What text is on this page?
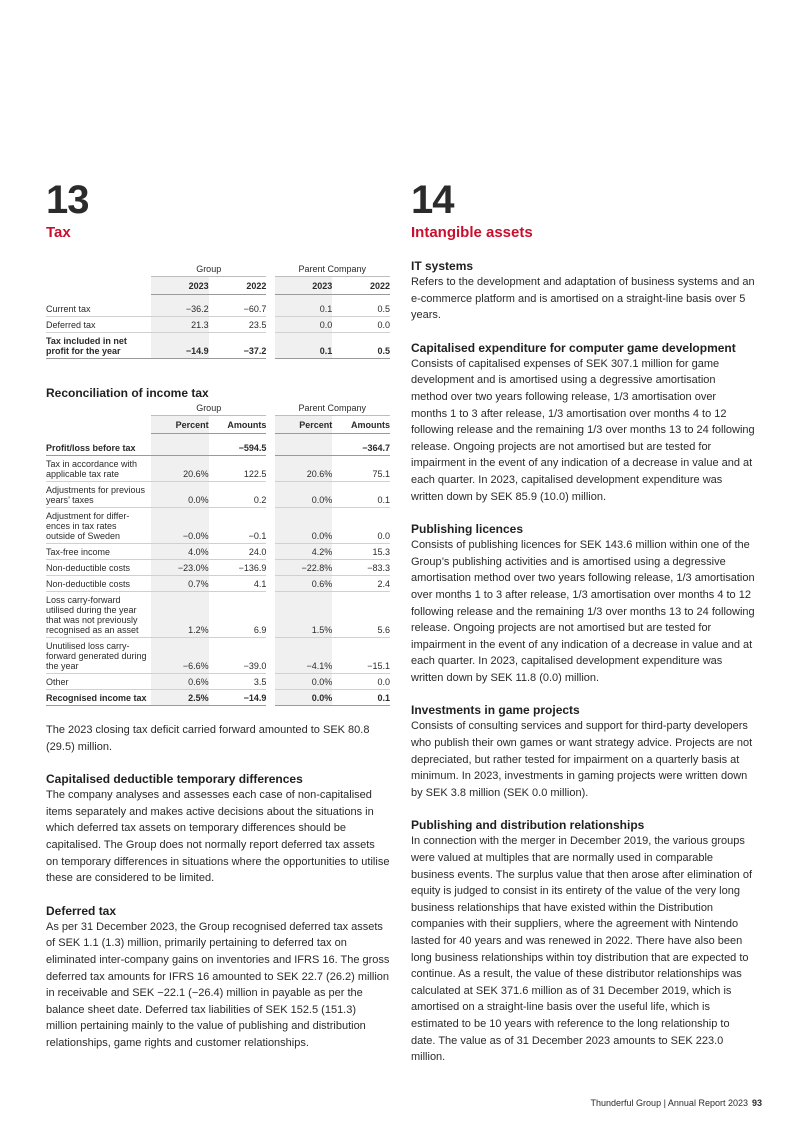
13
Tax
	Group			Parent Company	
	2023	2022		2023	2022

Current tax	−36.2	−60.7		0.1	0.5
Deferred tax	21.3	23.5		0.0	0.0
Tax included in net profit for the year	−14.9	−37.2		0.1	0.5
Reconciliation of income tax
	Group			Parent Company	
	Percent	Amounts		Percent	Amounts

Profit/loss before tax		−594.5			−364.7
Tax in accordance with applicable tax rate	20.6%	122.5		20.6%	75.1
Adjustments for previous years’ taxes	0.0%	0.2		0.0%	0.1
Adjustment for differ-ences in tax rates outside of Sweden	−0.0%	−0.1		0.0%	0.0
Tax-free income	4.0%	24.0		4.2%	15.3
Non-deductible costs	−23.0%	−136.9		−22.8%	−83.3
Non-deductible costs	0.7%	4.1		0.6%	2.4
Loss carry-forward utilised during the year that was not previously recognised as an asset	1.2%	6.9		1.5%	5.6
Unutilised loss carry-forward generated during the year	−6.6%	−39.0		−4.1%	−15.1
Other	0.6%	3.5		0.0%	0.0
Recognised income tax	2.5%	−14.9		0.0%	0.1

The 2023 closing tax deficit carried forward amounted to SEK 80.8 (29.5) million.

Capitalised deductible temporary differences

The company analyses and assesses each case of non-capitalised items separately and makes active decisions about the situations in which deferred tax assets on temporary differences should be capitalised. The Group does not normally report deferred tax assets on temporary differences in situations where the opportunities to utilise these are considered to be limited.

Deferred tax

As per 31 December 2023, the Group recognised deferred tax assets of SEK 1.1 (1.3) million, primarily pertaining to deferred tax on eliminated inter-company gains on inventories and IFRS 16. The gross deferred tax amounts for IFRS 16 amounted to SEK 22.7 (26.2) million in receivable and SEK −22.1 (−26.4) million in payable as per the balance sheet date. Deferred tax liabilities of SEK 152.5 (151.3) million pertaining mainly to the value of publishing and distribution relationships, game rights and customer relationships.

14
Intangible assets
IT systems

Refers to the development and adaptation of business systems and an e-commerce platform and is amortised on a straight-line basis over 5 years.

Capitalised expenditure for computer game development

Consists of capitalised expenses of SEK 307.1 million for game development and is amortised using a degressive amortisation method over two years following release, 1/3 amortisation over months 1 to 3 after release, 1/3 amortisation over months 4 to 12 following release and the remaining 1/3 over months 13 to 24 following release. Ongoing projects are not amortised but are tested for impairment in the event of any indication of a decrease in value and at each quarter. In 2023, capitalised development expenditure was written down by SEK 85.9 (10.0) million.

Publishing licences

Consists of publishing licences for SEK 143.6 million within one of the Group’s publishing activities and is amortised using a degressive amortisation method over two years following release, 1/3 amortisation over months 1 to 3 after release, 1/3 amortisation over months 4 to 12 following release and the remaining 1/3 over months 13 to 24 following release. Ongoing projects are not amortised but are tested for impairment in the event of any indication of a decrease in value and at each quarter. In 2023, capitalised development expenditure was written down by SEK 11.8 (0.0) million.

Investments in game projects

Consists of consulting services and support for third-party developers who publish their own games or want strategy advice. Projects are not depreciated, but rather tested for impairment on a quarterly basis at minimum. In 2023, investments in gaming projects were written down by SEK 3.8 million (SEK 0.0 million).

Publishing and distribution relationships

In connection with the merger in December 2019, the various groups were valued at multiples that are normally used in comparable business events. The surplus value that then arose after elimination of equity is judged to consist in its entirety of the value of the very long business relationships that have existed within the Distribution companies with their suppliers, where the agreement with Nintendo lasted for 40 years and was renewed in 2022. There have also been long business relationships within toy distribution that are expected to continue. As a result, the value of these distributor relationships was calculated at SEK 371.6 million as of 31 December 2019, which is amortised on a straight-line basis over the useful life, which is estimated to be 10 years with reference to the long relationship to date. The value as of 31 December 2023 amounts to SEK 223.0 million.

Thunderful Group | Annual Report 2023 93
